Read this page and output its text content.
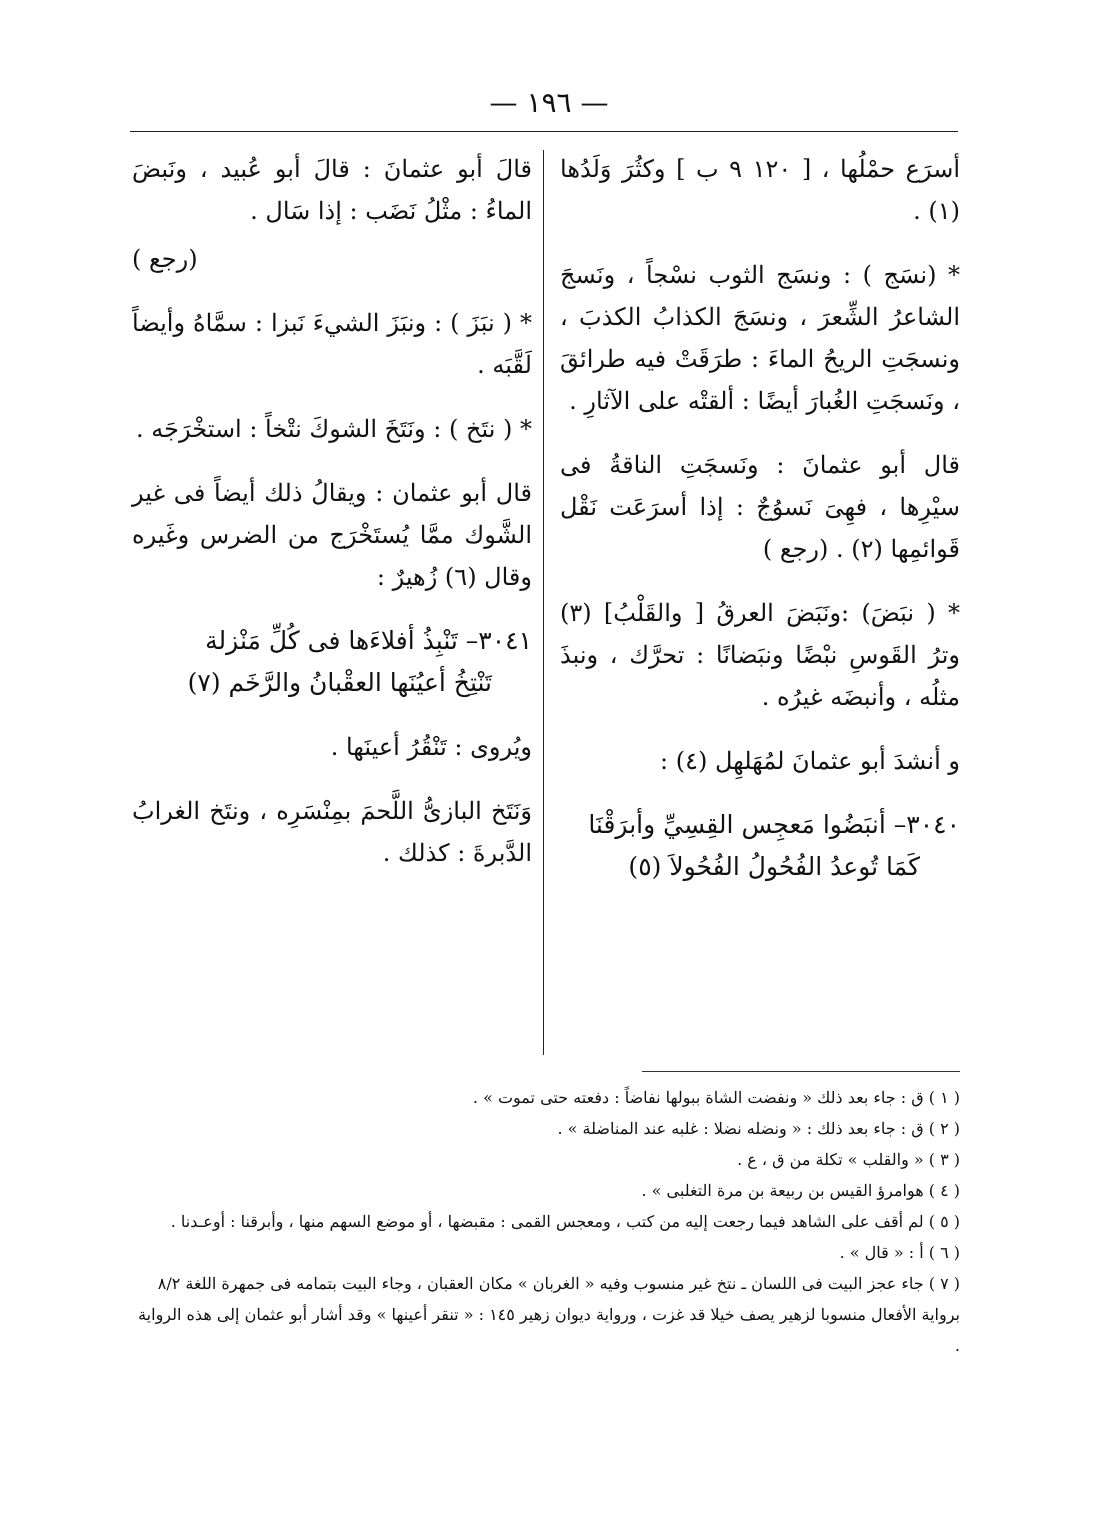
— ١٩٦ —

أسرَع حمْلُها ، [ ١٢٠ ٩ ب ] وكثُرَ وَلَدُها (١) .

* (نسَج ) : ونسَج الثوب نسْجاً ، ونَسجَ الشاعرُ الشِّعرَ ، ونسَجَ الكذابُ الكذبَ ، ونسجَتِ الريحُ الماءَ : طرَقَتْ فيه طرائقَ ، ونَسجَتِ الغُبارَ أيضًا : ألقتْه على الآثارِ .

قال أبو عثمانَ : ونَسجَتِ الناقةُ فى سيْرِها ، فهِىَ نَسوُجٌ : إذا أسرَعَت نَقْل قَوائمِها (٢) . (رجع )

* ( نبَضَ) :ونَبَضَ العرقُ [ والقَلْبُ] (٣) وترُ القَوسِ نبْضًا ونبَضانًا : تحرَّك ، ونبذَ مثلُه ، وأنبضَه غيرُه .

و أنشدَ أبو عثمانَ لمُهَلهِل (٤) :

٣٠٤٠– أنبَضُوا مَعجِس القِسِيِّ وأبرَقْنَا
كَمَا تُوعدُ الفُحُولُ الفُحُولاَ (٥)

قالَ أبو عثمانَ : قالَ أبو عُبيد ، ونَبضَ الماءُ : مثْلُ نَضَب : إذا سَال .

(رجع )

* ( نبَزَ ) : ونبَزَ الشيءَ نَبزا : سمَّاهُ وأيضاً لَقَّبَه .

* ( نتَخ ) : ونَتَخَ الشوكَ نتْخاً : استخْرَجَه .

قال أبو عثمان : ويقالُ ذلك أيضاً فى غير الشَّوك ممَّا يُستَخْرَج من الضرس وغَيره وقال (٦) زُهيرٌ :

٣٠٤١– تَنْبِذُ أفلاءَها فى كُلِّ مَنْزلة
تَنْتِخُ أعيُنَها العقْبانُ والرَّخَم (٧)

ويُروى : تَنْقُرُ أعينَها .

وَنَتَخ البازىُّ اللَّحمَ بمِنْسَرِه ، ونتَخ الغرابُ الدَّبرةَ : كذلك .

( ١ ) ق : جاء بعد ذلك « ونفضت الشاة ببولها نفاضاً : دفعته حتى تموت » .

( ٢ ) ق : جاء بعد ذلك : « ونضله نضلا : غلبه عند المناضلة » .

( ٣ ) « والقلب » تكلة من ق ، ع .

( ٤ ) هوامرؤ القيس بن ربيعة بن مرة التغلبى » .

( ٥ ) لم أقف على الشاهد فيما رجعت إليه من كتب ، ومعجس القمى : مقبضها ، أو موضع السهم منها ، وأبرقنا : أوعـدنا .

( ٦ ) أ : « قال » .

( ٧ ) جاء عجز البيت فى اللسان ـ نتخ غير منسوب وفيه « الغربان » مكان العقبان ، وجاء البيت بتمامه فى جمهرة اللغة ٨/٢ برواية الأفعال منسوبا لزهير يصف خيلا قد غزت ، ورواية ديوان زهير ١٤٥ : « تنقر أعينها » وقد أشار أبو عثمان إلى هذه الرواية .
